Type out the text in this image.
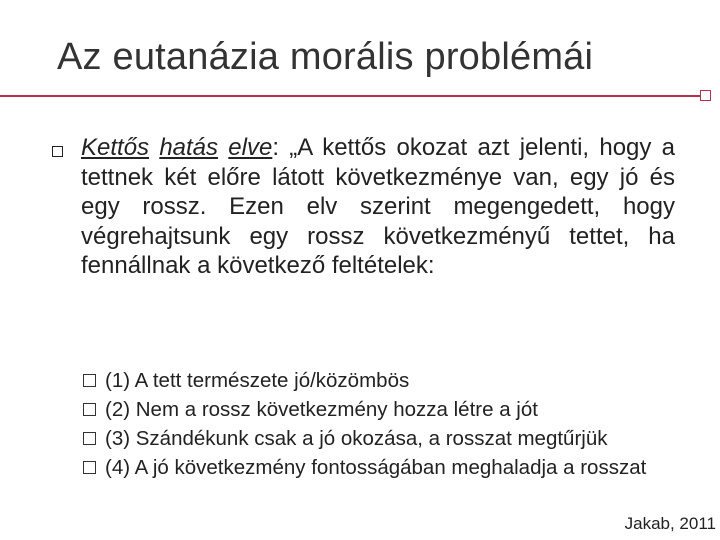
Az eutanázia morális problémái
Kettős hatás elve: „A kettős okozat azt jelenti, hogy a tettnek két előre látott következménye van, egy jó és egy rossz. Ezen elv szerint megengedett, hogy végrehajtsunk egy rossz következményű tettet, ha fennállnak a következő feltételek:
(1) A tett természete jó/közömbös
(2) Nem a rossz következmény hozza létre a jót
(3) Szándékunk csak a jó okozása, a rosszat megtűrjük
(4) A jó következmény fontosságában meghaladja a rosszat
Jakab, 2011
